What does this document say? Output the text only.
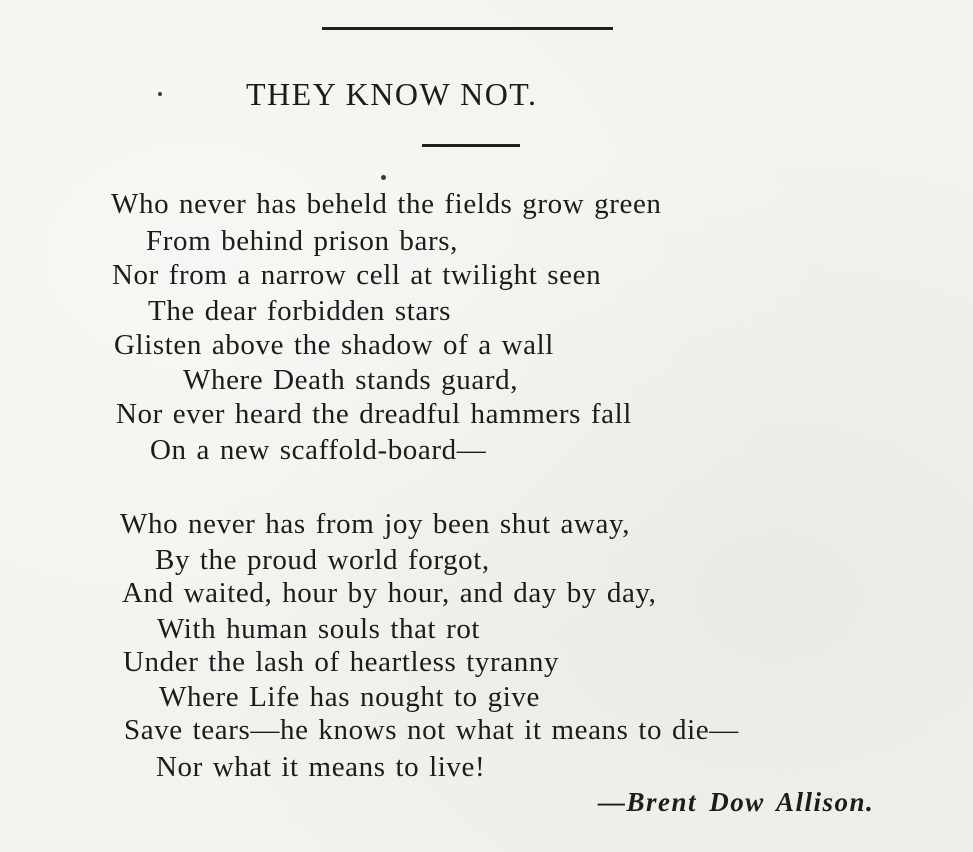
THEY KNOW NOT.
Who never has beheld the fields grow green
From behind prison bars,
Nor from a narrow cell at twilight seen
The dear forbidden stars
Glisten above the shadow of a wall
Where Death stands guard,
Nor ever heard the dreadful hammers fall
On a new scaffold-board—
Who never has from joy been shut away,
By the proud world forgot,
And waited, hour by hour, and day by day,
With human souls that rot
Under the lash of heartless tyranny
Where Life has nought to give
Save tears—he knows not what it means to die—
Nor what it means to live!
—Brent Dow Allison.
